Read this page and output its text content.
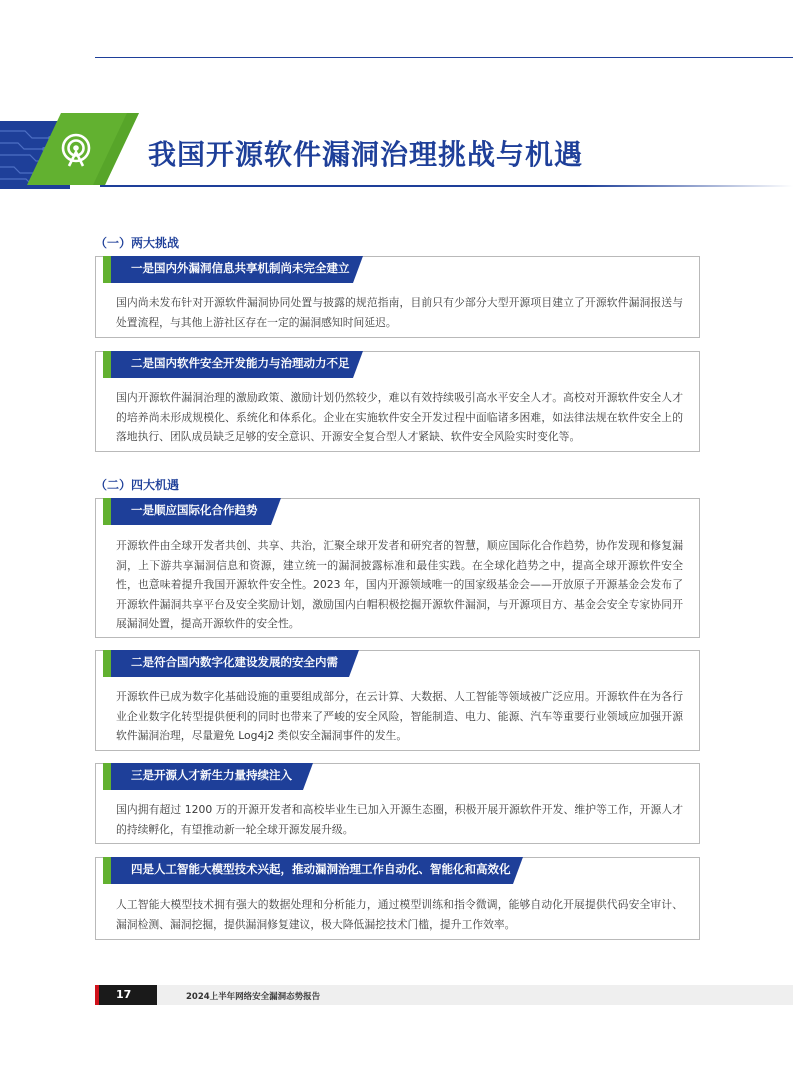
我国开源软件漏洞治理挑战与机遇
（一）两大挑战
一是国内外漏洞信息共享机制尚未完全建立
国内尚未发布针对开源软件漏洞协同处置与披露的规范指南，目前只有少部分大型开源项目建立了开源软件漏洞报送与处置流程，与其他上游社区存在一定的漏洞感知时间延迟。
二是国内软件安全开发能力与治理动力不足
国内开源软件漏洞治理的激励政策、激励计划仍然较少，难以有效持续吸引高水平安全人才。高校对开源软件安全人才的培养尚未形成规模化、系统化和体系化。企业在实施软件安全开发过程中面临诸多困难，如法律法规在软件安全上的落地执行、团队成员缺乏足够的安全意识、开源安全复合型人才紧缺、软件安全风险实时变化等。
（二）四大机遇
一是顺应国际化合作趋势
开源软件由全球开发者共创、共享、共治，汇聚全球开发者和研究者的智慧，顺应国际化合作趋势，协作发现和修复漏洞，上下游共享漏洞信息和资源，建立统一的漏洞披露标准和最佳实践。在全球化趋势之中，提高全球开源软件安全性，也意味着提升我国开源软件安全性。2023 年，国内开源领域唯一的国家级基金会——开放原子开源基金会发布了开源软件漏洞共享平台及安全奖励计划，激励国内白帽积极挖掘开源软件漏洞，与开源项目方、基金会安全专家协同开展漏洞处置，提高开源软件的安全性。
二是符合国内数字化建设发展的安全内需
开源软件已成为数字化基础设施的重要组成部分，在云计算、大数据、人工智能等领域被广泛应用。开源软件在为各行业企业数字化转型提供便利的同时也带来了严峻的安全风险，智能制造、电力、能源、汽车等重要行业领域应加强开源软件漏洞治理，尽量避免 Log4j2 类似安全漏洞事件的发生。
三是开源人才新生力量持续注入
国内拥有超过 1200 万的开源开发者和高校毕业生已加入开源生态圈，积极开展开源软件开发、维护等工作，开源人才的持续孵化，有望推动新一轮全球开源发展升级。
四是人工智能大模型技术兴起，推动漏洞治理工作自动化、智能化和高效化
人工智能大模型技术拥有强大的数据处理和分析能力，通过模型训练和指令微调，能够自动化开展提供代码安全审计、漏洞检测、漏洞挖掘，提供漏洞修复建议，极大降低漏挖技术门槛，提升工作效率。
17	2024上半年网络安全漏洞态势报告
